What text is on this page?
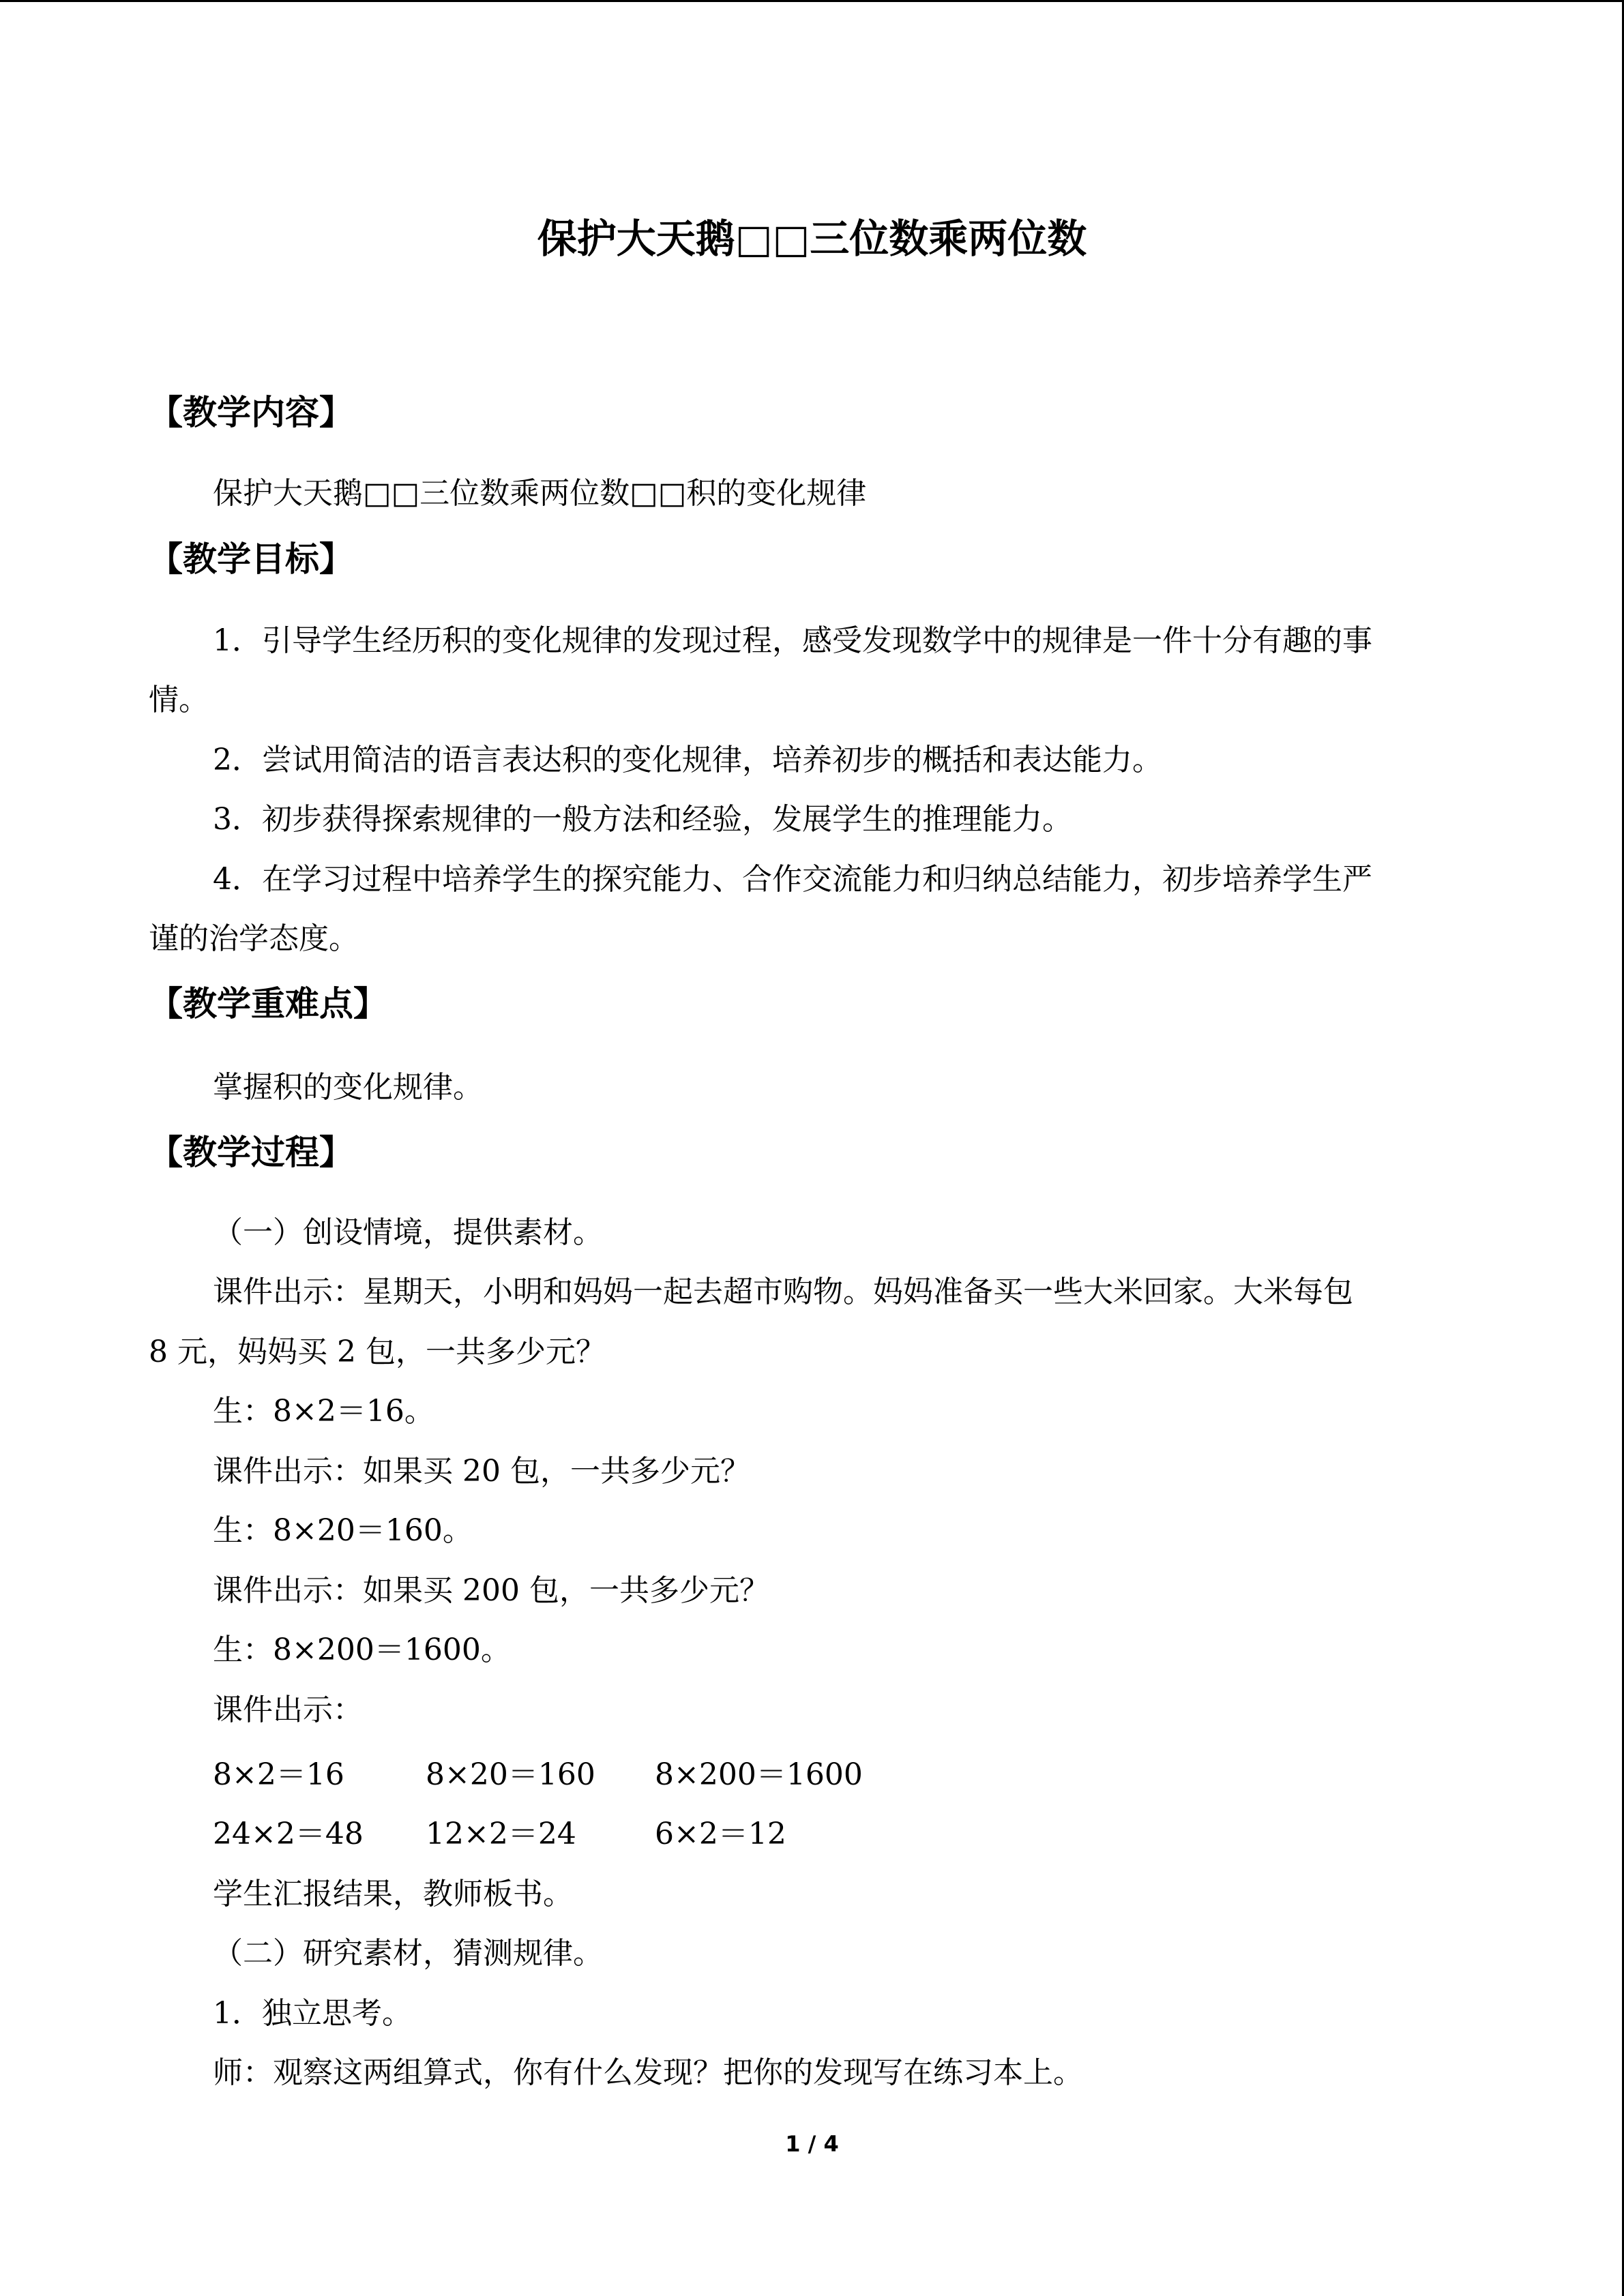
保护大天鹅□□三位数乘两位数
【教学内容】
保护大天鹅□□三位数乘两位数□□积的变化规律
【教学目标】
1．引导学生经历积的变化规律的发现过程，感受发现数学中的规律是一件十分有趣的事
情。
2．尝试用简洁的语言表达积的变化规律，培养初步的概括和表达能力。
3．初步获得探索规律的一般方法和经验，发展学生的推理能力。
4．在学习过程中培养学生的探究能力、合作交流能力和归纳总结能力，初步培养学生严
谨的治学态度。
【教学重难点】
掌握积的变化规律。
【教学过程】
（一）创设情境，提供素材。
课件出示：星期天，小明和妈妈一起去超市购物。妈妈准备买一些大米回家。大米每包
8 元，妈妈买 2 包，一共多少元？
生：8×2＝16。
课件出示：如果买 20 包，一共多少元？
生：8×20＝160。
课件出示：如果买 200 包，一共多少元？
生：8×200＝1600。
课件出示：
8×2＝16	8×20＝160 8×200＝1600
24×2＝48 12×2＝24	6×2＝12
学生汇报结果，教师板书。
（二）研究素材，猜测规律。
1．独立思考。
师：观察这两组算式，你有什么发现？把你的发现写在练习本上。
1 / 4
